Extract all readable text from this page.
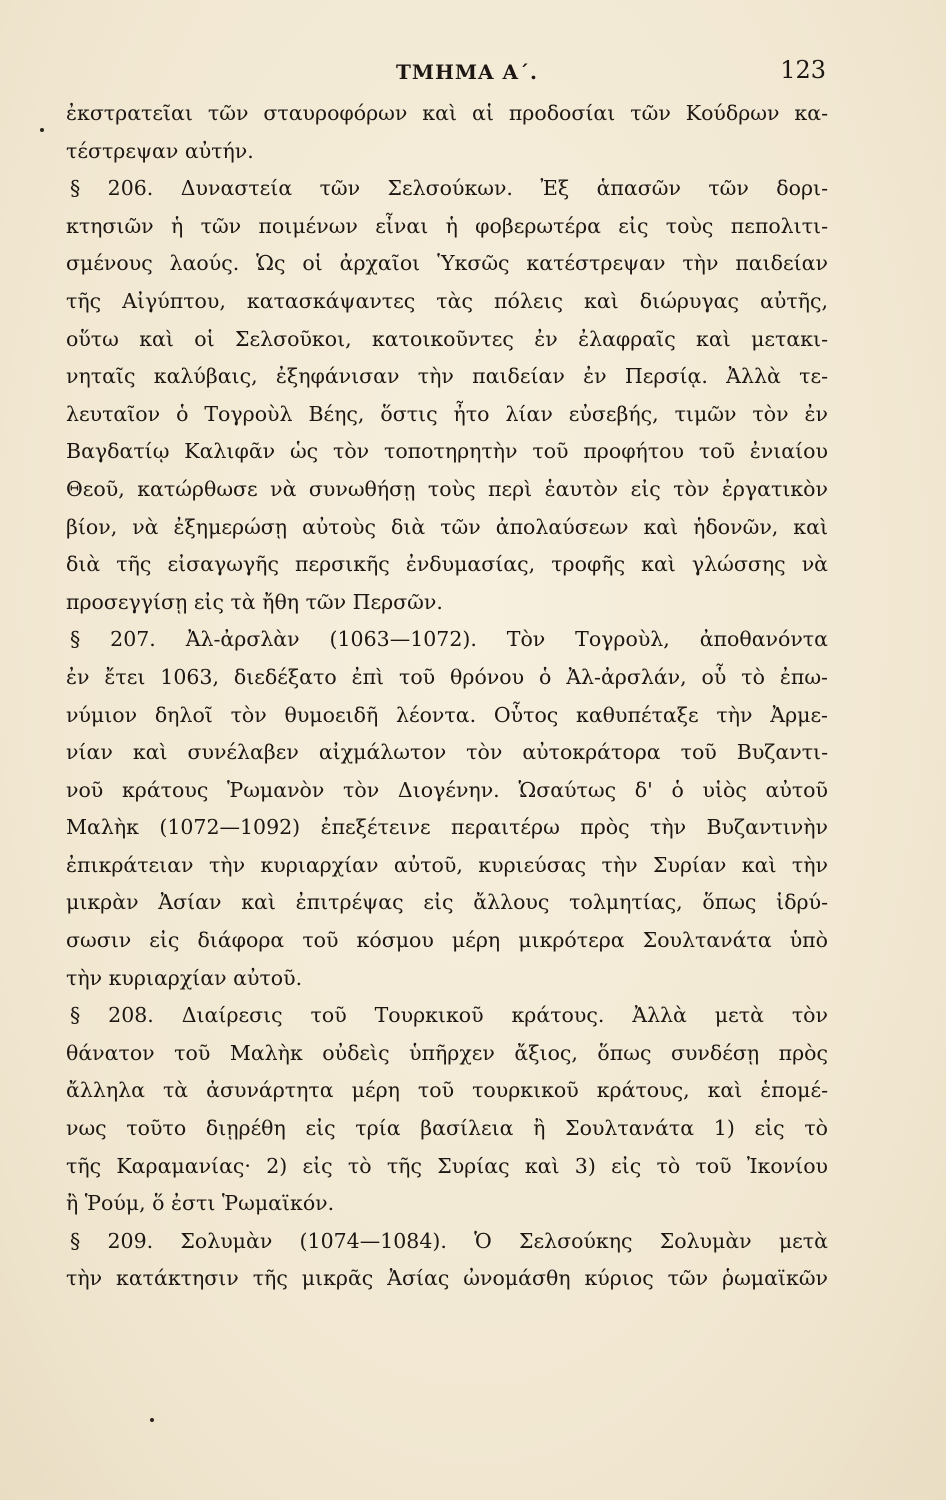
ΤΜΗΜΑ Α΄.	123
ἐκστρατεῖαι τῶν σταυροφόρων καὶ αἱ προδοσίαι τῶν Κούδρων κα-
τέστρεψαν αὐτήν.
§ 206. Δυναστεία τῶν Σελσούκων. Ἐξ ἁπασῶν τῶν δορι-
κτησιῶν ἡ τῶν ποιμένων εἶναι ἡ φοβερωτέρα εἰς τοὺς πεπολιτι-
σμένους λαούς. Ὡς οἱ ἀρχαῖοι Ὑκσῶς κατέστρεψαν τὴν παιδείαν
τῆς Αἰγύπτου, κατασκάψαντες τὰς πόλεις καὶ διώρυγας αὐτῆς,
οὕτω καὶ οἱ Σελσοῦκοι, κατοικοῦντες ἐν ἐλαφραῖς καὶ μετακι-
νηταῖς καλύβαις, ἐξηφάνισαν τὴν παιδείαν ἐν Περσίᾳ. Ἀλλὰ τε-
λευταῖον ὁ Τογροὺλ Βέης, ὅστις ἦτο λίαν εὐσεβής, τιμῶν τὸν ἐν
Βαγδατίῳ Καλιφᾶν ὡς τὸν τοποτηρητὴν τοῦ προφήτου τοῦ ἐνιαίου
Θεοῦ, κατώρθωσε νὰ συνωθήσῃ τοὺς περὶ ἑαυτὸν εἰς τὸν ἐργατικὸν
βίον, νὰ ἐξημερώσῃ αὐτοὺς διὰ τῶν ἀπολαύσεων καὶ ἡδονῶν, καὶ
διὰ τῆς εἰσαγωγῆς περσικῆς ἐνδυμασίας, τροφῆς καὶ γλώσσης νὰ
προσεγγίσῃ εἰς τὰ ἤθη τῶν Περσῶν.
§ 207. Ἀλ-ἀρσλὰν (1063—1072). Τὸν Τογροὺλ, ἀποθανόντα
ἐν ἔτει 1063, διεδέξατο ἐπὶ τοῦ θρόνου ὁ Ἀλ-ἀρσλάν, οὗ τὸ ἐπω-
νύμιον δηλοῖ τὸν θυμοειδῆ λέοντα. Οὗτος καθυπέταξε τὴν Ἀρμε-
νίαν καὶ συνέλαβεν αἰχμάλωτον τὸν αὐτοκράτορα τοῦ Βυζαντι-
νοῦ κράτους Ῥωμανὸν τὸν Διογένην. Ὡσαύτως δ' ὁ υἱὸς αὐτοῦ
Μαλὴκ (1072—1092) ἐπεξέτεινε περαιτέρω πρὸς τὴν Βυζαντινὴν
ἐπικράτειαν τὴν κυριαρχίαν αὐτοῦ, κυριεύσας τὴν Συρίαν καὶ τὴν
μικρὰν Ἀσίαν καὶ ἐπιτρέψας εἰς ἄλλους τολμητίας, ὅπως ἱδρύ-
σωσιν εἰς διάφορα τοῦ κόσμου μέρη μικρότερα Σουλτανάτα ὑπὸ
τὴν κυριαρχίαν αὐτοῦ.
§ 208. Διαίρεσις τοῦ Τουρκικοῦ κράτους. Ἀλλὰ μετὰ τὸν
θάνατον τοῦ Μαλὴκ οὐδεὶς ὑπῆρχεν ἄξιος, ὅπως συνδέσῃ πρὸς
ἄλληλα τὰ ἀσυνάρτητα μέρη τοῦ τουρκικοῦ κράτους, καὶ ἑπομέ-
νως τοῦτο διῃρέθη εἰς τρία βασίλεια ἢ Σουλτανάτα 1) εἰς τὸ
τῆς Καραμανίας· 2) εἰς τὸ τῆς Συρίας καὶ 3) εἰς τὸ τοῦ Ἰκονίου
ἢ Ῥούμ, ὅ ἐστι Ῥωμαϊκόν.
§ 209. Σολυμὰν (1074—1084). Ὁ Σελσούκης Σολυμὰν μετὰ
τὴν κατάκτησιν τῆς μικρᾶς Ἀσίας ὠνομάσθη κύριος τῶν ῥωμαϊκῶν
